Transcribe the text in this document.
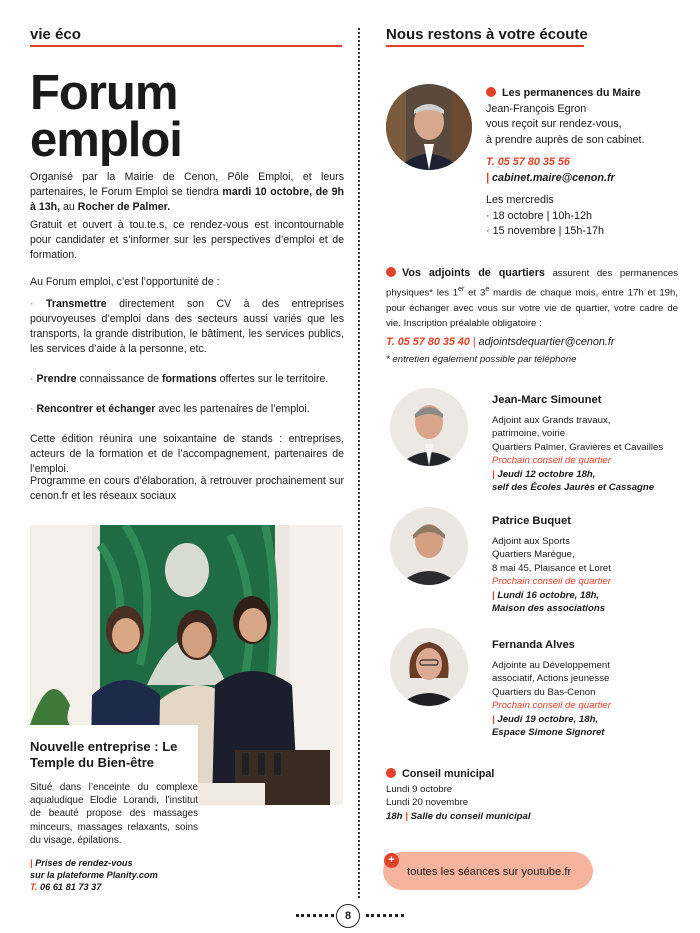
vie éco
Forum
emploi

Organisé par la Mairie de Cenon, Pôle Emploi, et leurs partenaires, le Forum Emploi se tiendra mardi 10 octobre, de 9h à 13h, au Rocher de Palmer.

Gratuit et ouvert à tou.te.s, ce rendez-vous est incontournable pour candidater et s’informer sur les perspectives d’emploi et de formation.
Au Forum emploi, c’est l’opportunité de :
· Transmettre directement son CV à des entreprises pourvoyeuses d’emploi dans des secteurs aussi variés que les transports, la grande distribution, le bâtiment, les services publics, les services d’aide à la personne, etc.
· Prendre connaissance de formations offertes sur le territoire.
· Rencontrer et échanger avec les partenaires de l’emploi.
Cette édition réunira une soixantaine de stands : entreprises, acteurs de la formation et de l’accompagnement, partenaires de l’emploi.
Programme en cours d’élaboration, à retrouver prochainement sur cenon.fr et les réseaux sociaux
Nouvelle entreprise : Le Temple du Bien-être
Situé dans l’enceinte du complexe aqualudique Elodie Lorandi, l’institut de beauté propose des massages minceurs, massages relaxants, soins du visage, épilations.
| Prises de rendez-vous
sur la plateforme Planity.com
T. 06 61 81 73 37
Nous restons à votre écoute
Les permanences du Maire
Jean-François Egron
vous reçoit sur rendez-vous,
à prendre auprès de son cabinet.
T. 05 57 80 35 56
| cabinet.maire@cenon.fr
Les mercredis
· 18 octobre | 10h-12h
· 15 novembre | 15h-17h
Vos adjoints de quartiers assurent des permanences physiques* les 1er et 3e mardis de chaque mois, entre 17h et 19h, pour échanger avec vous sur votre vie de quartier, votre cadre de vie. Inscription préalable obligatoire :
T. 05 57 80 35 40 | adjointsdequartier@cenon.fr
* entretien également possible par téléphone
Jean-Marc Simounet
Adjoint aux Grands travaux,
patrimoine, voirie
Quartiers Palmer, Gravières et Cavailles
Prochain conseil de quartier
| Jeudi 12 octobre 18h,
self des Écoles Jaurès et Cassagne
Patrice Buquet
Adjoint aux Sports
Quartiers Marègue,
8 mai 45, Plaisance et Loret
Prochain conseil de quartier
| Lundi 16 octobre, 18h,
Maison des associations
Fernanda Alves
Adjointe au Développement
associatif, Actions jeunesse
Quartiers du Bas-Cenon
Prochain conseil de quartier
| Jeudi 19 octobre, 18h,
Espace Simone Signoret
Conseil municipal
Lundi 9 octobre
Lundi 20 novembre
18h | Salle du conseil municipal
+
toutes les séances sur youtube.fr
8
